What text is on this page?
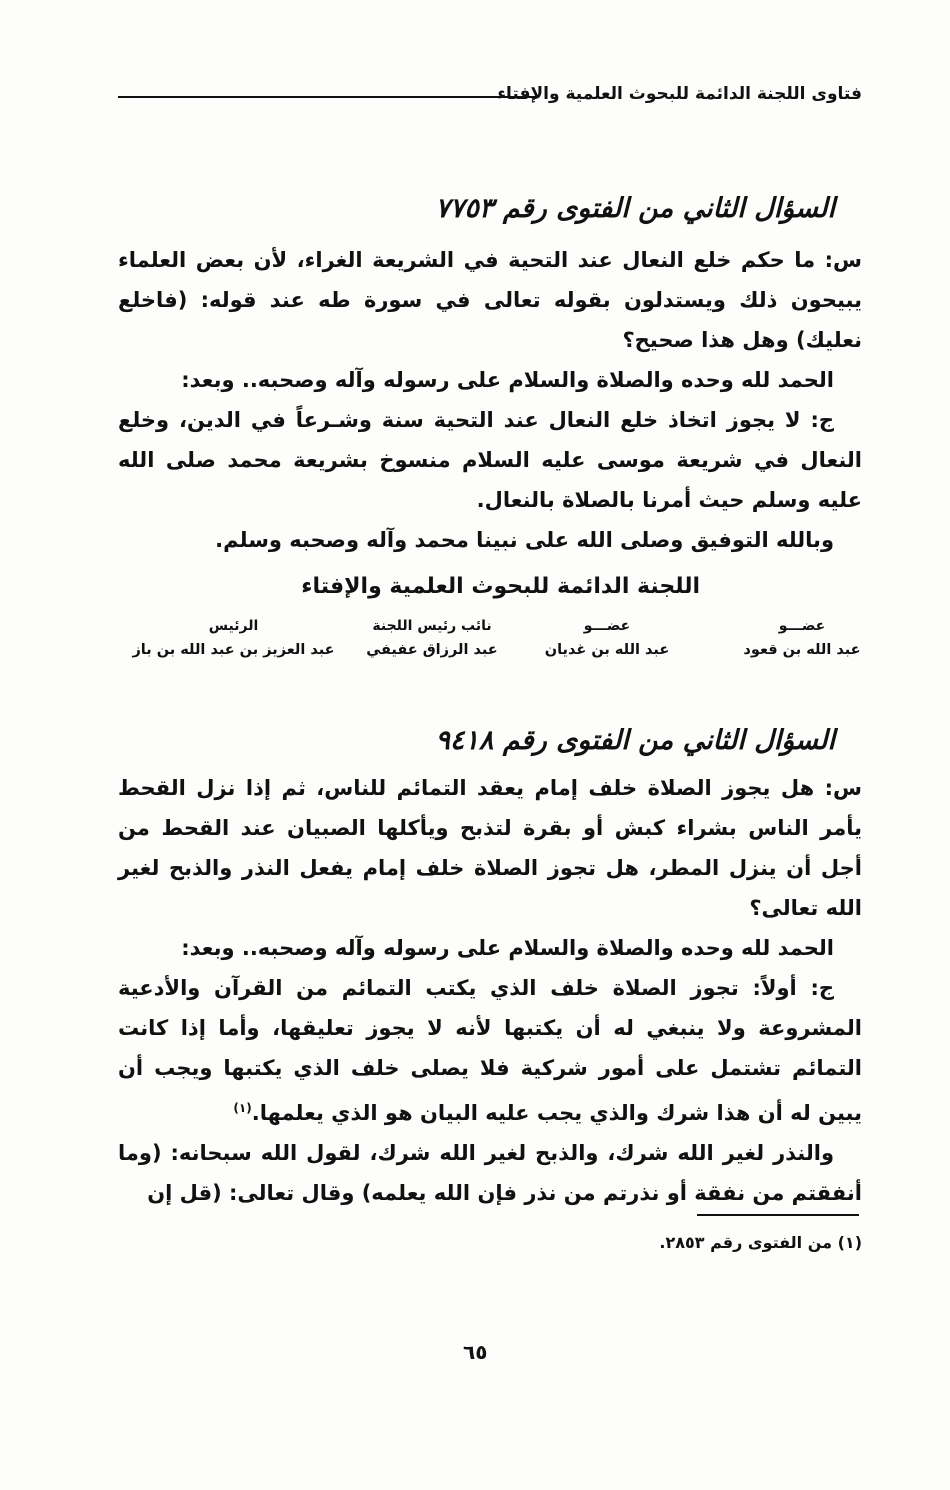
فتاوى اللجنة الدائمة للبحوث العلمية والإفتاء
السؤال الثاني من الفتوى رقم ٧٧٥٣

س: ما حكم خلع النعال عند التحية في الشريعة الغراء، لأن بعض العلماء يبيحون ذلك ويستدلون بقوله تعالى في سورة طه عند قوله: (فاخلع نعليك) وهل هذا صحيح؟

الحمد لله وحده والصلاة والسلام على رسوله وآله وصحبه.. وبعد:

ج: لا يجوز اتخاذ خلع النعال عند التحية سنة وشـرعاً في الدين، وخلع النعال في شريعة موسى عليه السلام منسوخ بشريعة محمد صلى الله عليه وسلم حيث أمرنا بالصلاة بالنعال.

وبالله التوفيق وصلى الله على نبينا محمد وآله وصحبه وسلم.

اللجنة الدائمة للبحوث العلمية والإفتاء
عضـــو
عبد الله بن قعود
عضـــو
عبد الله بن غديان
نائب رئيس اللجنة
عبد الرزاق عفيفي
الرئيس
عبد العزيز بن عبد الله بن باز
السؤال الثاني من الفتوى رقم ٩٤١٨

س: هل يجوز الصلاة خلف إمام يعقد التمائم للناس، ثم إذا نزل القحط يأمر الناس بشراء كبش أو بقرة لتذبح ويأكلها الصبيان عند القحط من أجل أن ينزل المطر، هل تجوز الصلاة خلف إمام يفعل النذر والذبح لغير الله تعالى؟

الحمد لله وحده والصلاة والسلام على رسوله وآله وصحبه.. وبعد:

ج: أولاً: تجوز الصلاة خلف الذي يكتب التمائم من القرآن والأدعية المشروعة ولا ينبغي له أن يكتبها لأنه لا يجوز تعليقها، وأما إذا كانت التمائم تشتمل على أمور شركية فلا يصلى خلف الذي يكتبها ويجب أن يبين له أن هذا شرك والذي يجب عليه البيان هو الذي يعلمها.$^{(١)}$

والنذر لغير الله شرك، والذبح لغير الله شرك، لقول الله سبحانه: (وما أنفقتم من نفقة أو نذرتم من نذر فإن الله يعلمه) وقال تعالى: (قل إن

(١) من الفتوى رقم ٢٨٥٣.
٦٥
